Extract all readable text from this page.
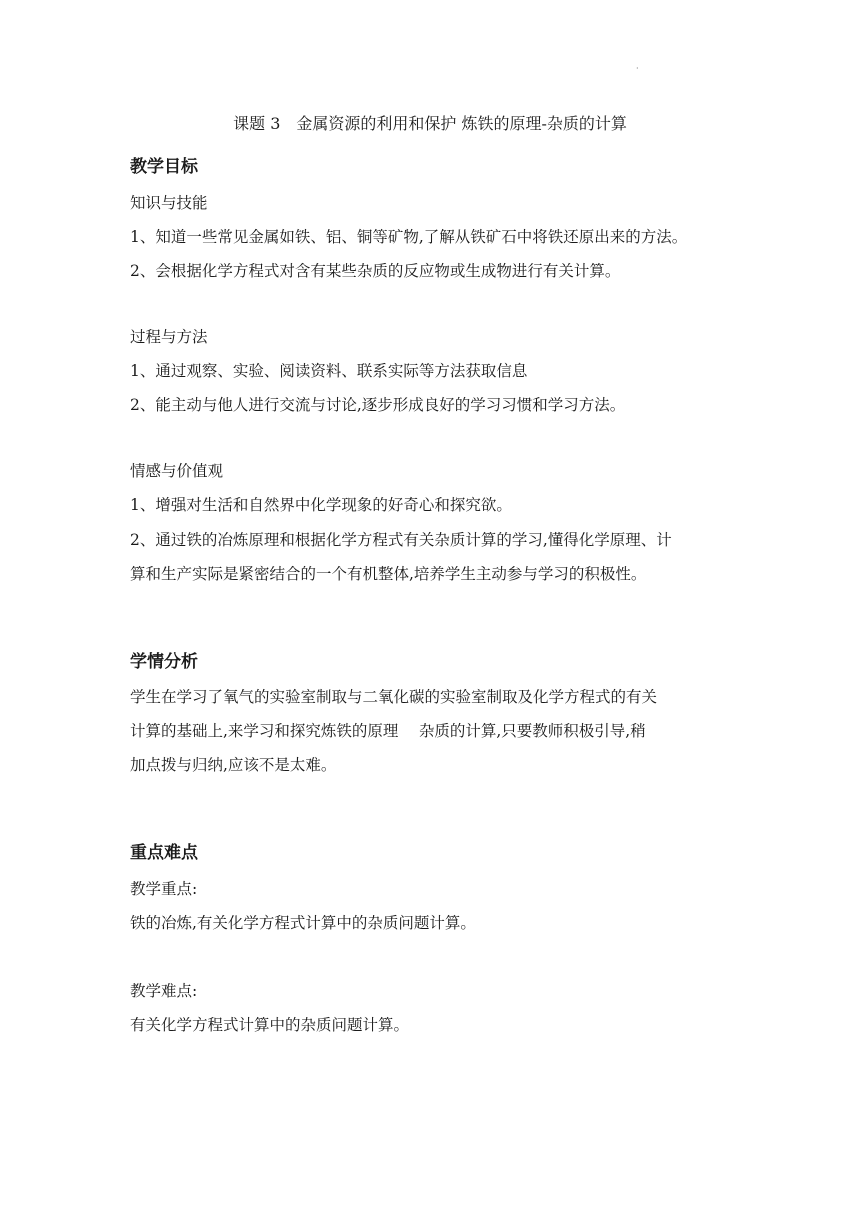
·
课题 3　金属资源的利用和保护 炼铁的原理-杂质的计算
教学目标
知识与技能
1、知道一些常见金属如铁、铝、铜等矿物,了解从铁矿石中将铁还原出来的方法。
2、会根据化学方程式对含有某些杂质的反应物或生成物进行有关计算。
过程与方法
1、通过观察、实验、阅读资料、联系实际等方法获取信息
2、能主动与他人进行交流与讨论,逐步形成良好的学习习惯和学习方法。
情感与价值观
1、增强对生活和自然界中化学现象的好奇心和探究欲。
2、通过铁的冶炼原理和根据化学方程式有关杂质计算的学习,懂得化学原理、计
算和生产实际是紧密结合的一个有机整体,培养学生主动参与学习的积极性。
学情分析
学生在学习了氧气的实验室制取与二氧化碳的实验室制取及化学方程式的有关
计算的基础上,来学习和探究炼铁的原理　 杂质的计算,只要教师积极引导,稍
加点拨与归纳,应该不是太难。
重点难点
教学重点:
铁的冶炼,有关化学方程式计算中的杂质问题计算。
教学难点:
有关化学方程式计算中的杂质问题计算。
